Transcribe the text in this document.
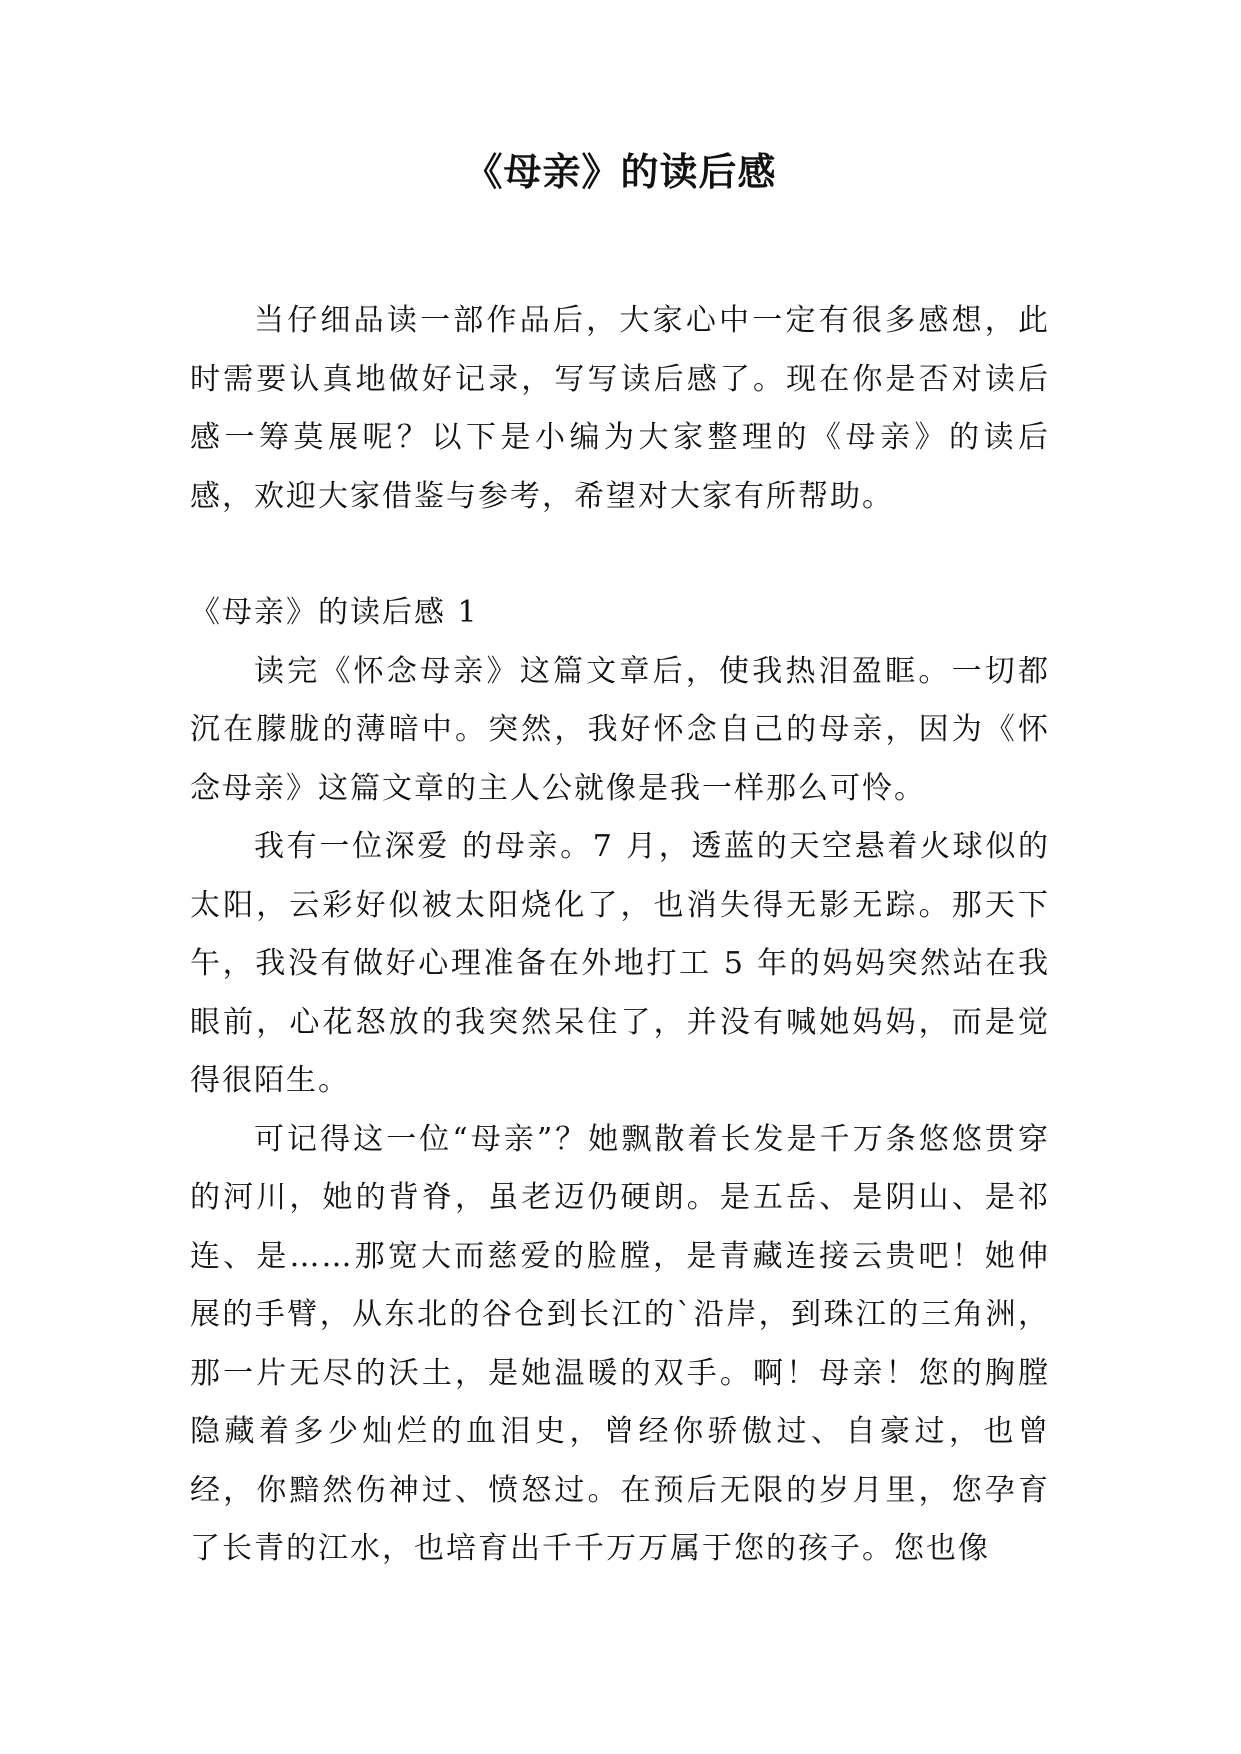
《母亲》的读后感

当仔细品读一部作品后，大家心中一定有很多感想，此时需要认真地做好记录，写写读后感了。现在你是否对读后感一筹莫展呢？以下是小编为大家整理的《母亲》的读后感，欢迎大家借鉴与参考，希望对大家有所帮助。

《母亲》的读后感 1

读完《怀念母亲》这篇文章后，使我热泪盈眶。一切都沉在朦胧的薄暗中。突然，我好怀念自己的母亲，因为《怀念母亲》这篇文章的主人公就像是我一样那么可怜。

我有一位深爱 的母亲。7 月，透蓝的天空悬着火球似的太阳，云彩好似被太阳烧化了，也消失得无影无踪。那天下午，我没有做好心理准备在外地打工 5 年的妈妈突然站在我眼前，心花怒放的我突然呆住了，并没有喊她妈妈，而是觉得很陌生。

可记得这一位“母亲”？她飘散着长发是千万条悠悠贯穿的河川，她的背脊，虽老迈仍硬朗。是五岳、是阴山、是祁连、是……那宽大而慈爱的脸膛，是青藏连接云贵吧！她伸展的手臂，从东北的谷仓到长江的`沿岸，到珠江的三角洲，那一片无尽的沃土，是她温暖的双手。啊！母亲！您的胸膛隐藏着多少灿烂的血泪史，曾经你骄傲过、自豪过，也曾经，你黯然伤神过、愤怒过。在预后无限的岁月里，您孕育了长青的江水，也培育出千千万万属于您的孩子。您也像
